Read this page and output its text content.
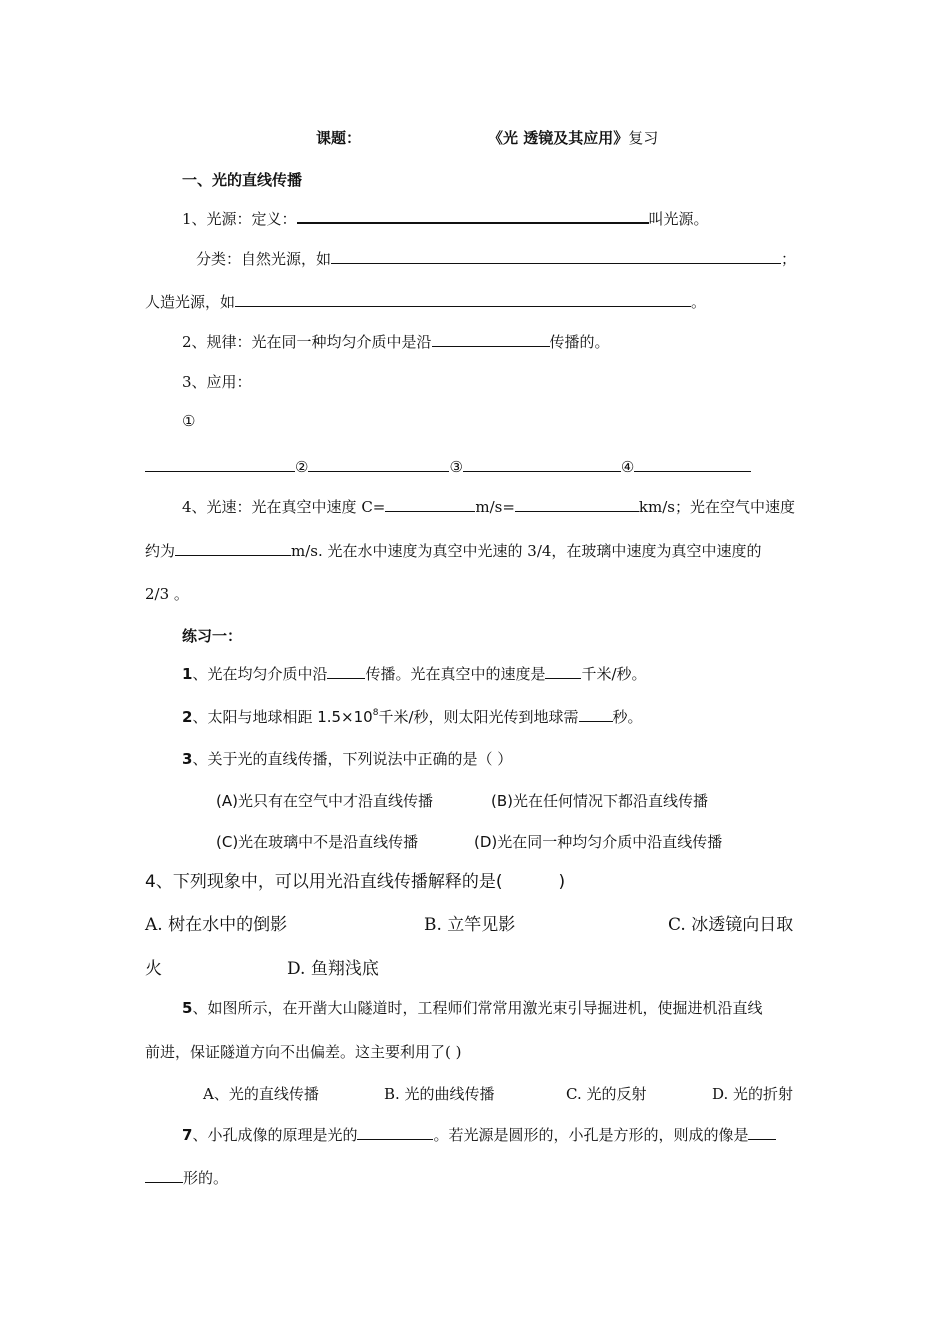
课题：	《光 透镜及其应用》复习
一、光的直线传播
1、光源：定义：	叫光源。
分类：自然光源，如	；
人造光源，如	。
2、规律：光在同一种均匀介质中是沿	传播的。
3、应用：
①
②	③	④
4、光速：光在真空中速度 C=	m/s=	km/s；光在空气中速度
约为	m/s. 光在水中速度为真空中光速的 3/4，在玻璃中速度为真空中速度的
2/3 。
练习一：
1、光在均匀介质中沿	传播。光在真空中的速度是 千米/秒。
2、太阳与地球相距 $1.5\times 10^8$千米/秒，则太阳光传到地球需 秒。
3、关于光的直线传播，下列说法中正确的是（ ）
(A)光只有在空气中才沿直线传播	(B)光在任何情况下都沿直线传播
(C)光在玻璃中不是沿直线传播	(D)光在同一种均匀介质中沿直线传播
4、下列现象中，可以用光沿直线传播解释的是(	)
A. 树在水中的倒影	B. 立竿见影	C. 冰透镜向日取
火	D. 鱼翔浅底
5、如图所示，在开凿大山隧道时，工程师们常常用激光束引导掘进机，使掘进机沿直线
前进，保证隧道方向不出偏差。这主要利用了( )
A、光的直线传播	B. 光的曲线传播	C. 光的反射	D. 光的折射
7、小孔成像的原理是光的	。若光源是圆形的，小孔是方形的，则成的像是
形的。
